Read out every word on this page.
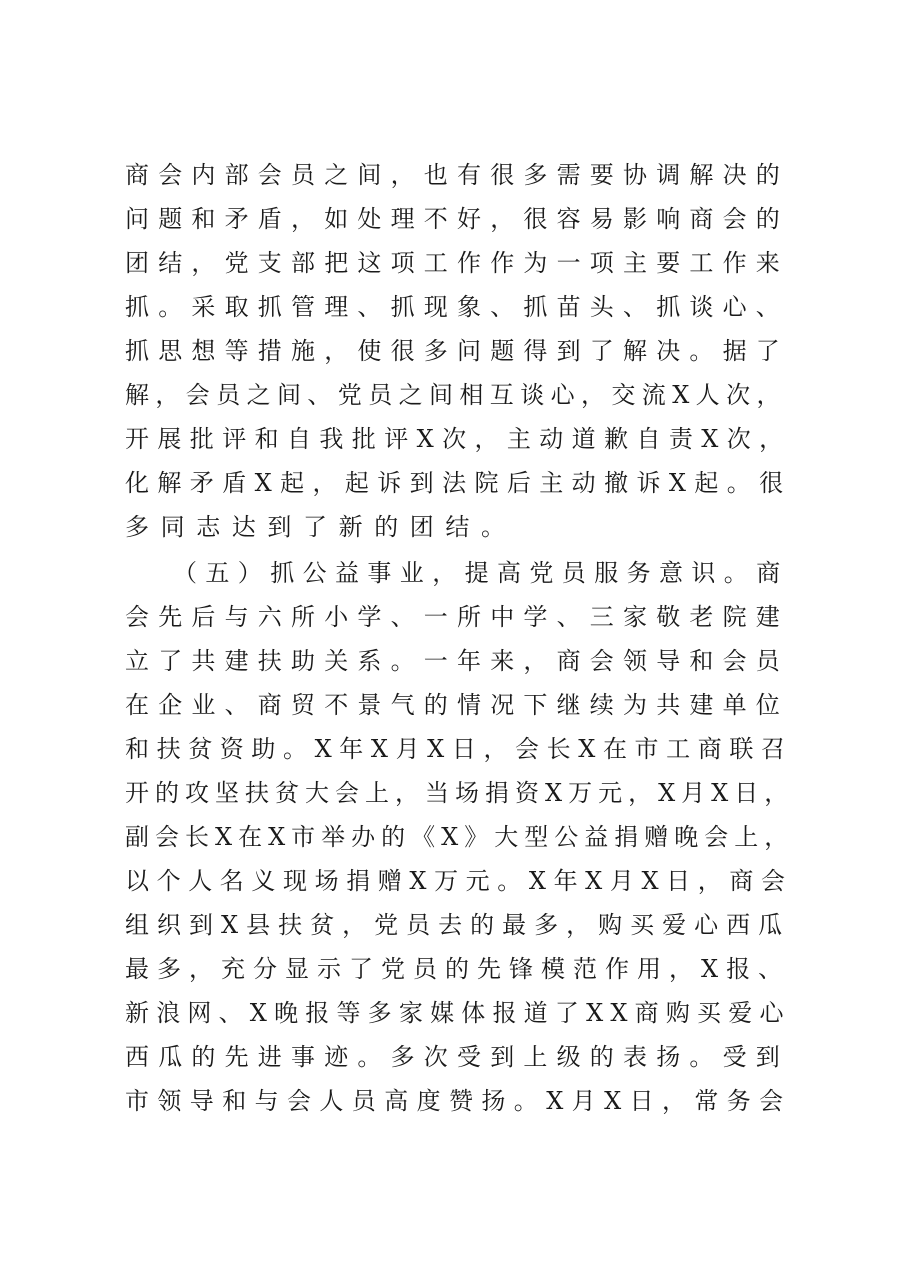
商会内部会员之间，也有很多需要协调解决的
问题和矛盾，如处理不好，很容易影响商会的
团结，党支部把这项工作作为一项主要工作来
抓。采取抓管理、抓现象、抓苗头、抓谈心、
抓思想等措施，使很多问题得到了解决。据了
解，会员之间、党员之间相互谈心，交流X人次，
开展批评和自我批评X次，主动道歉自责X次，
化解矛盾X起，起诉到法院后主动撤诉X起。很
多同志达到了新的团结。
（五）抓公益事业，提高党员服务意识。商
会先后与六所小学、一所中学、三家敬老院建
立了共建扶助关系。一年来，商会领导和会员
在企业、商贸不景气的情况下继续为共建单位
和扶贫资助。X年X月X日，会长X在市工商联召
开的攻坚扶贫大会上，当场捐资X万元，X月X日，
副会长X在X市举办的《X》大型公益捐赠晚会上，
以个人名义现场捐赠X万元。X年X月X日，商会
组织到X县扶贫，党员去的最多，购买爱心西瓜
最多，充分显示了党员的先锋模范作用，X报、
新浪网、X晚报等多家媒体报道了XX商购买爱心
西瓜的先进事迹。多次受到上级的表扬。受到
市领导和与会人员高度赞扬。X月X日，常务会
